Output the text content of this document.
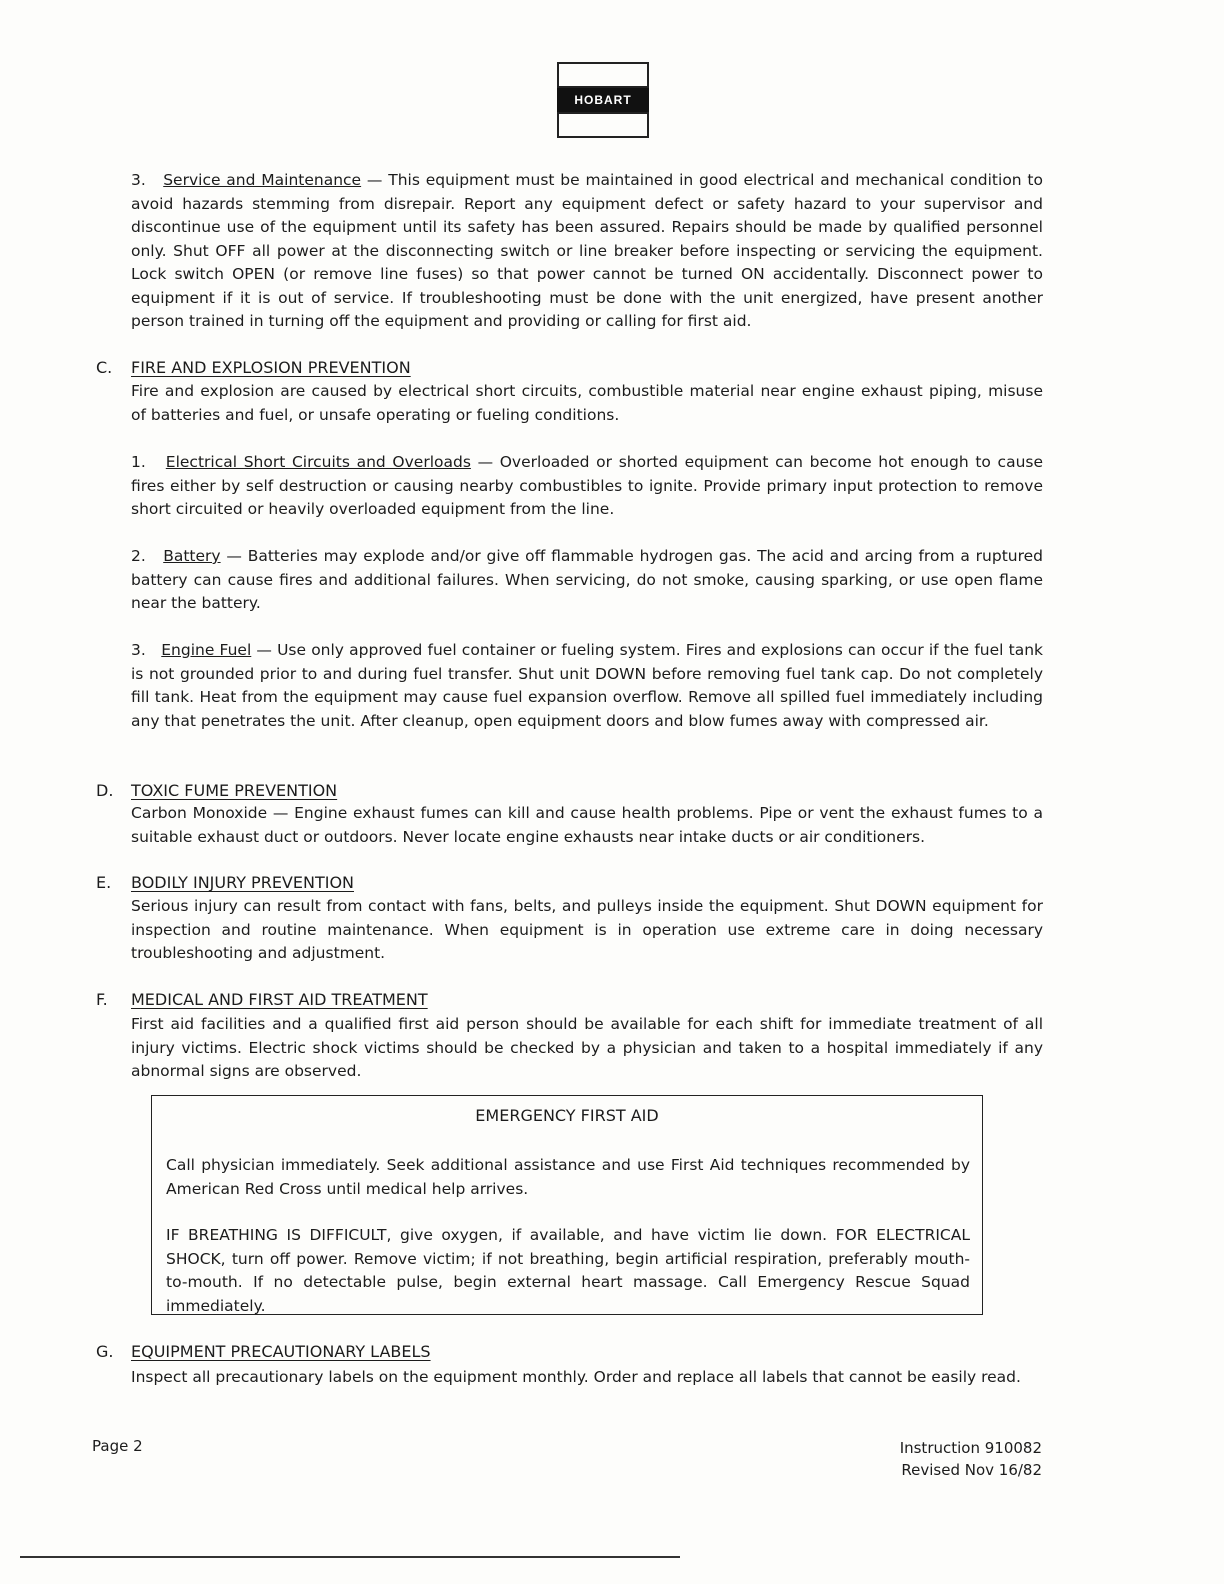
HOBART

3. Service and Maintenance — This equipment must be maintained in good electrical and mechanical condition to avoid hazards stemming from disrepair. Report any equipment defect or safety hazard to your supervisor and discontinue use of the equipment until its safety has been assured. Repairs should be made by qualified personnel only. Shut OFF all power at the disconnecting switch or line breaker before inspecting or servicing the equipment. Lock switch OPEN (or remove line fuses) so that power cannot be turned ON accidentally. Disconnect power to equipment if it is out of service. If troubleshooting must be done with the unit energized, have present another person trained in turning off the equipment and providing or calling for first aid.

C. FIRE AND EXPLOSION PREVENTION

Fire and explosion are caused by electrical short circuits, combustible material near engine exhaust piping, misuse of batteries and fuel, or unsafe operating or fueling conditions.

1. Electrical Short Circuits and Overloads — Overloaded or shorted equipment can become hot enough to cause fires either by self destruction or causing nearby combustibles to ignite. Provide primary input protection to remove short circuited or heavily overloaded equipment from the line.

2. Battery — Batteries may explode and/or give off flammable hydrogen gas. The acid and arcing from a ruptured battery can cause fires and additional failures. When servicing, do not smoke, causing sparking, or use open flame near the battery.

3. Engine Fuel — Use only approved fuel container or fueling system. Fires and explosions can occur if the fuel tank is not grounded prior to and during fuel transfer. Shut unit DOWN before removing fuel tank cap. Do not completely fill tank. Heat from the equipment may cause fuel expansion overflow. Remove all spilled fuel immediately including any that penetrates the unit. After cleanup, open equipment doors and blow fumes away with compressed air.

D. TOXIC FUME PREVENTION

Carbon Monoxide — Engine exhaust fumes can kill and cause health problems. Pipe or vent the exhaust fumes to a suitable exhaust duct or outdoors. Never locate engine exhausts near intake ducts or air conditioners.

E. BODILY INJURY PREVENTION

Serious injury can result from contact with fans, belts, and pulleys inside the equipment. Shut DOWN equipment for inspection and routine maintenance. When equipment is in operation use extreme care in doing necessary troubleshooting and adjustment.

F. MEDICAL AND FIRST AID TREATMENT

First aid facilities and a qualified first aid person should be available for each shift for immediate treatment of all injury victims. Electric shock victims should be checked by a physician and taken to a hospital immediately if any abnormal signs are observed.

EMERGENCY FIRST AID

Call physician immediately. Seek additional assistance and use First Aid techniques recommended by American Red Cross until medical help arrives.

IF BREATHING IS DIFFICULT, give oxygen, if available, and have victim lie down. FOR ELECTRICAL SHOCK, turn off power. Remove victim; if not breathing, begin artificial respiration, preferably mouth-to-mouth. If no detectable pulse, begin external heart massage. Call Emergency Rescue Squad immediately.

G. EQUIPMENT PRECAUTIONARY LABELS

Inspect all precautionary labels on the equipment monthly. Order and replace all labels that cannot be easily read.

Page 2	Instruction 910082
Revised Nov 16/82
